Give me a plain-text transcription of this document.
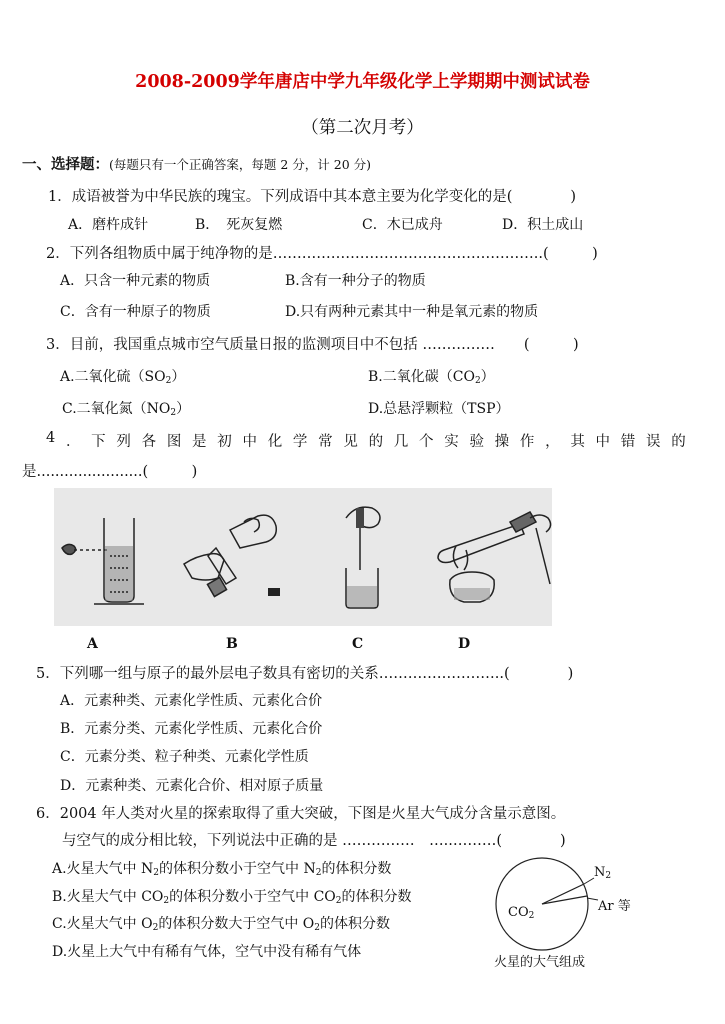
2008-2009学年唐店中学九年级化学上学期期中测试试卷
（第二次月考）
一、选择题：(每题只有一个正确答案，每题 2 分，计 20 分)
1．成语被誉为中华民族的瑰宝。下列成语中其本意主要为化学变化的是(　　　　)
A．磨杵成针	B．　死灰复燃	C．木已成舟	D．积土成山
2．下列各组物质中属于纯净物的是………………………………………………..(　　　)
A．只含一种元素的物质	B.含有一种分子的物质
C．含有一种原子的物质	D.只有两种元素其中一种是氧元素的物质
3．目前，我国重点城市空气质量日报的监测项目中不包括 ……………　　(　　　)
A.二氧化硫$(SO_2)$	B.二氧化碳$(CO_2)$
C.二氧化氮$(NO_2)$	D.总悬浮颗粒（TSP）
4 ． 下 列 各 图 是 初 中 化 学 常 见 的 几 个 实 验 操 作 ， 其 中 错 误 的
是.......................(　　　)
A	B	C	D
5．下列哪一组与原子的最外层电子数具有密切的关系……………………..(　　　　)
A．元素种类、元素化学性质、元素化合价
B．元素分类、元素化学性质、元素化合价
C．元素分类、粒子种类、元素化学性质
D．元素种类、元素化合价、相对原子质量
6．2004 年人类对火星的探索取得了重大突破，下图是火星大气成分含量示意图。
与空气的成分相比较，下列说法中正确的是 ……………　…..………(　　　　)
A.火星大气中 $N_2$的体积分数小于空气中 $N_2$的体积分数
B.火星大气中 $CO_2$的体积分数小于空气中 $CO_2$的体积分数
C.火星大气中 $O_2$的体积分数大于空气中 $O_2$的体积分数
D.火星上大气中有稀有气体，空气中没有稀有气体
$CO_2$
$N_2$
Ar 等
火星的大气组成
